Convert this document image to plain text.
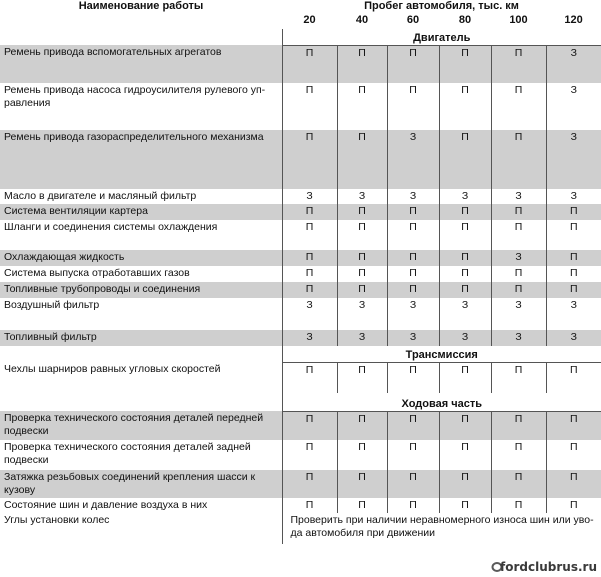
Наименование работы	Пробег автомобиля, тыс. км					
	20	40	60	80	100	120
	Двигатель					
Ремень привода вспомогательных агрегатов	П	П	П	П	П	З
Ремень привода насоса гидроусилителя рулевого уп-
равления	П	П	П	П	П	З
Ремень привода газораспределительного механизма	П	П	З	П	П	З
Масло в двигателе и масляный фильтр	З	З	З	З	З	З
Система вентиляции картера	П	П	П	П	П	П
Шланги и соединения системы охлаждения	П	П	П	П	П	П
Охлаждающая жидкость	П	П	П	П	З	П
Система выпуска отработавших газов	П	П	П	П	П	П
Топливные трубопроводы и соединения	П	П	П	П	П	П
Воздушный фильтр	З	З	З	З	З	З
Топливный фильтр	З	З	З	З	З	З
	Трансмиссия					
Чехлы шарниров равных угловых скоростей	П	П	П	П	П	П
	Ходовая часть					
Проверка технического состояния деталей передней
подвески	П	П	П	П	П	П
Проверка технического состояния деталей задней
подвески	П	П	П	П	П	П
Затяжка резьбовых соединений крепления шасси к
кузову	П	П	П	П	П	П
Состояние шин и давление воздуха в них	П	П	П	П	П	П
Углы установки колес	Проверить при наличии неравномерного износа шин или уво-
да автомобиля при движении					
fordclubrus.ru
